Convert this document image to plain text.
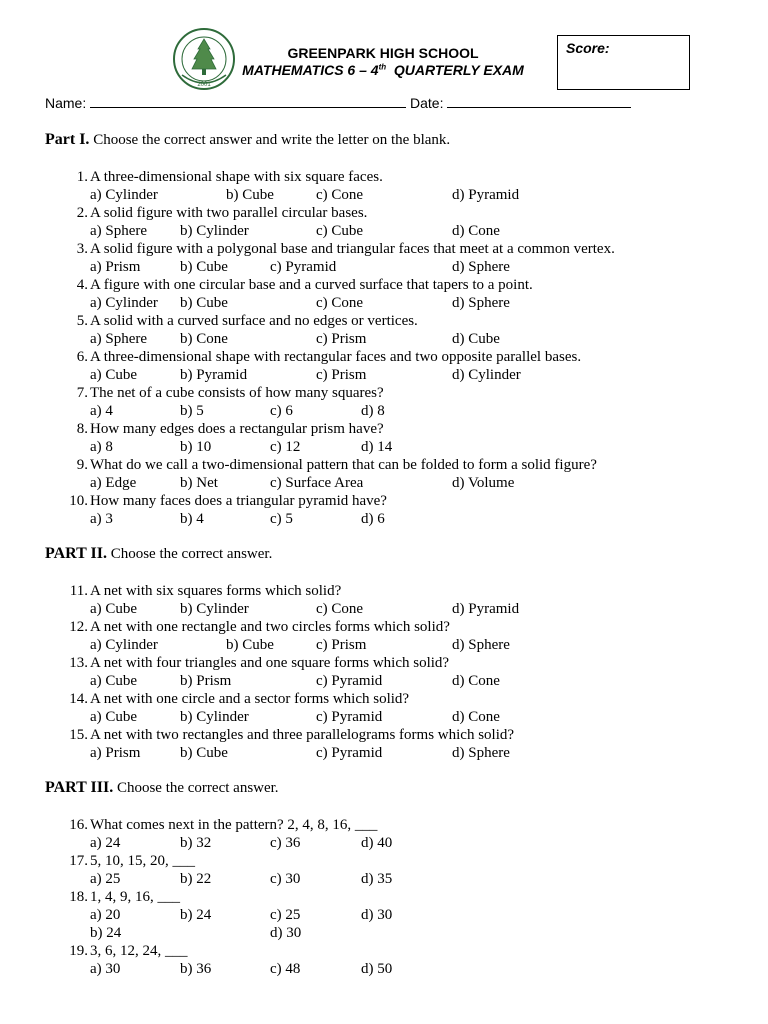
2001
GREENPARK HIGH SCHOOL
MATHEMATICS 6 – 4th QUARTERLY EXAM
Score:
Name:	Date:
Part I. Choose the correct answer and write the letter on the blank.
1. A three-dimensional shape with six square faces.
a) Cylinder	b) Cube	c) Cone	d) Pyramid
2. A solid figure with two parallel circular bases.
a) Sphere b) Cylinder	c) Cube	d) Cone
3. A solid figure with a polygonal base and triangular faces that meet at a common vertex.
a) Prism	b) Cube	c) Pyramid	d) Sphere
4. A figure with one circular base and a curved surface that tapers to a point.
a) Cylinder b) Cube	c) Cone	d) Sphere
5. A solid with a curved surface and no edges or vertices.
a) Sphere b) Cone	c) Prism	d) Cube
6. A three-dimensional shape with rectangular faces and two opposite parallel bases.
a) Cube	b) Pyramid	c) Prism	d) Cylinder
7. The net of a cube consists of how many squares?
a) 4	b) 5	c) 6	d) 8
8. How many edges does a rectangular prism have?
a) 8	b) 10	c) 12	d) 14
9. What do we call a two-dimensional pattern that can be folded to form a solid figure?
a) Edge	b) Net	c) Surface Area	d) Volume
10. How many faces does a triangular pyramid have?
a) 3	b) 4	c) 5	d) 6
PART II. Choose the correct answer.
11. A net with six squares forms which solid?
a) Cube	b) Cylinder	c) Cone	d) Pyramid
12. A net with one rectangle and two circles forms which solid?
a) Cylinder	b) Cube	c) Prism	d) Sphere
13. A net with four triangles and one square forms which solid?
a) Cube	b) Prism	c) Pyramid	d) Cone
14. A net with one circle and a sector forms which solid?
a) Cube	b) Cylinder	c) Pyramid	d) Cone
15. A net with two rectangles and three parallelograms forms which solid?
a) Prism	b) Cube	c) Pyramid	d) Sphere
PART III. Choose the correct answer.
16. What comes next in the pattern? 2, 4, 8, 16, ___
a) 24	b) 32	c) 36	d) 40
17. 5, 10, 15, 20, ___
a) 25	b) 22	c) 30	d) 35
18. 1, 4, 9, 16, ___
a) 20	b) 24	c) 25	d) 30
b) 24	d) 30
19. 3, 6, 12, 24, ___
a) 30	b) 36	c) 48	d) 50
